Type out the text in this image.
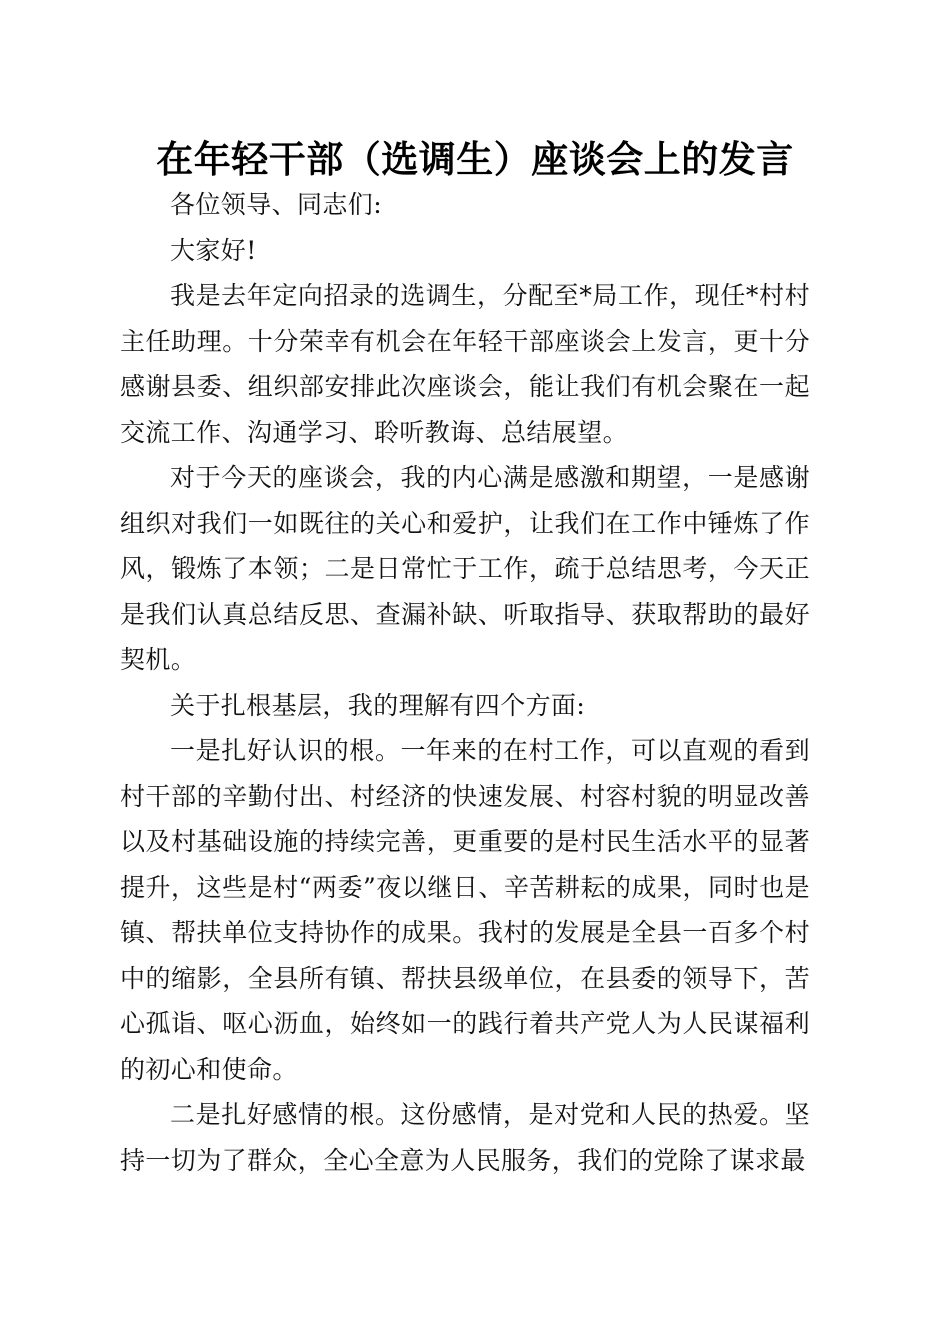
在年轻干部（选调生）座谈会上的发言

各位领导、同志们:

大家好!

我是去年定向招录的选调生，分配至*局工作，现任*村村主任助理。十分荣幸有机会在年轻干部座谈会上发言，更十分感谢县委、组织部安排此次座谈会，能让我们有机会聚在一起交流工作、沟通学习、聆听教诲、总结展望。

对于今天的座谈会，我的内心满是感激和期望，一是感谢组织对我们一如既往的关心和爱护，让我们在工作中锤炼了作风，锻炼了本领；二是日常忙于工作，疏于总结思考，今天正是我们认真总结反思、查漏补缺、听取指导、获取帮助的最好契机。

关于扎根基层，我的理解有四个方面:

一是扎好认识的根。一年来的在村工作，可以直观的看到村干部的辛勤付出、村经济的快速发展、村容村貌的明显改善以及村基础设施的持续完善，更重要的是村民生活水平的显著提升，这些是村“两委”夜以继日、辛苦耕耘的成果，同时也是镇、帮扶单位支持协作的成果。我村的发展是全县一百多个村中的缩影，全县所有镇、帮扶县级单位，在县委的领导下，苦心孤诣、呕心沥血，始终如一的践行着共产党人为人民谋福利的初心和使命。

二是扎好感情的根。这份感情，是对党和人民的热爱。坚持一切为了群众，全心全意为人民服务，我们的党除了谋求最
